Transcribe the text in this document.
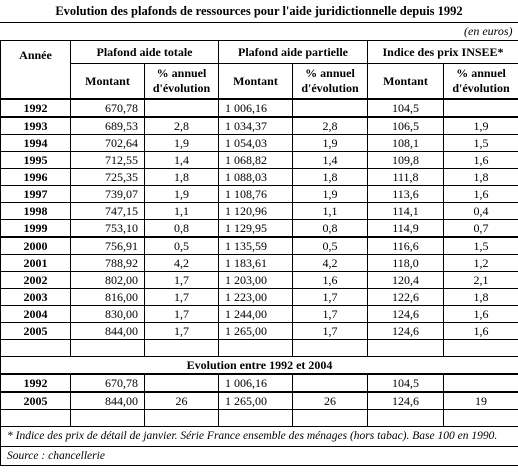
Evolution des plafonds de ressources pour l'aide juridictionnelle depuis 1992
(en euros)						
Année	Plafond aide totale		Plafond aide partielle		Indice des prix INSEE*	
	Montant	% annuel d'évolution	Montant	% annuel d'évolution	Montant	% annuel d'évolution
1992	670,78		1 006,16		104,5	
1993	689,53	2,8	1 034,37	2,8	106,5	1,9
1994	702,64	1,9	1 054,03	1,9	108,1	1,5
1995	712,55	1,4	1 068,82	1,4	109,8	1,6
1996	725,35	1,8	1 088,03	1,8	111,8	1,8
1997	739,07	1,9	1 108,76	1,9	113,6	1,6
1998	747,15	1,1	1 120,96	1,1	114,1	0,4
1999	753,10	0,8	1 129,95	0,8	114,9	0,7
2000	756,91	0,5	1 135,59	0,5	116,6	1,5
2001	788,92	4,2	1 183,61	4,2	118,0	1,2
2002	802,00	1,7	1 203,00	1,6	120,4	2,1
2003	816,00	1,7	1 223,00	1,7	122,6	1,8
2004	830,00	1,7	1 244,00	1,7	124,6	1,6
2005	844,00	1,7	1 265,00	1,7	124,6	1,6

Evolution entre 1992 et 2004						
1992	670,78		1 006,16		104,5	
2005	844,00	26	1 265,00	26	124,6	19

* Indice des prix de détail de janvier. Série France ensemble des ménages (hors tabac). Base 100 en 1990.						
Source : chancellerie						
